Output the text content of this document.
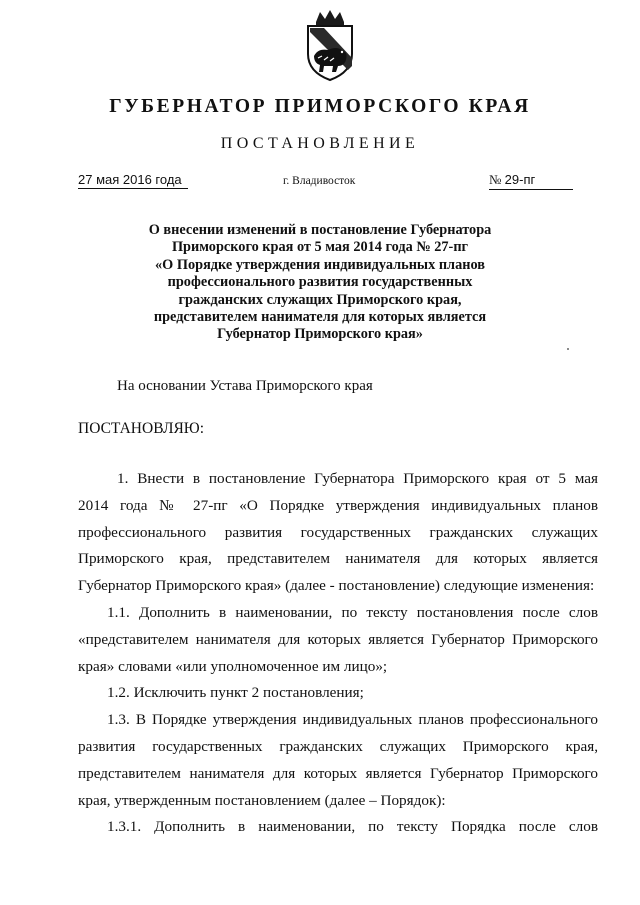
ГУБЕРНАТОР ПРИМОРСКОГО КРАЯ
ПОСТАНОВЛЕНИЕ
27 мая 2016 года	г. Владивосток	№ 29-пг
О внесении изменений в постановление Губернатора
Приморского края от 5 мая 2014 года № 27-пг
«О Порядке утверждения индивидуальных планов
профессионального развития государственных
гражданских служащих Приморского края,
представителем нанимателя для которых является
Губернатор Приморского края»
На основании Устава Приморского края
ПОСТАНОВЛЯЮ:

1. Внести в постановление Губернатора Приморского края от 5 мая
2014 года № 27-пг «О Порядке утверждения индивидуальных планов
профессионального развития государственных гражданских служащих
Приморского края, представителем нанимателя для которых является
Губернатор Приморского края» (далее - постановление) следующие изменения:

1.1. Дополнить в наименовании, по тексту постановления после слов
«представителем нанимателя для которых является Губернатор Приморского
края» словами «или уполномоченное им лицо»;

1.2. Исключить пункт 2 постановления;

1.3. В Порядке утверждения индивидуальных планов профессионального
развития государственных гражданских служащих Приморского края,
представителем нанимателя для которых является Губернатор Приморского
края, утвержденным постановлением (далее – Порядок):

1.3.1. Дополнить в наименовании, по тексту Порядка после слов
